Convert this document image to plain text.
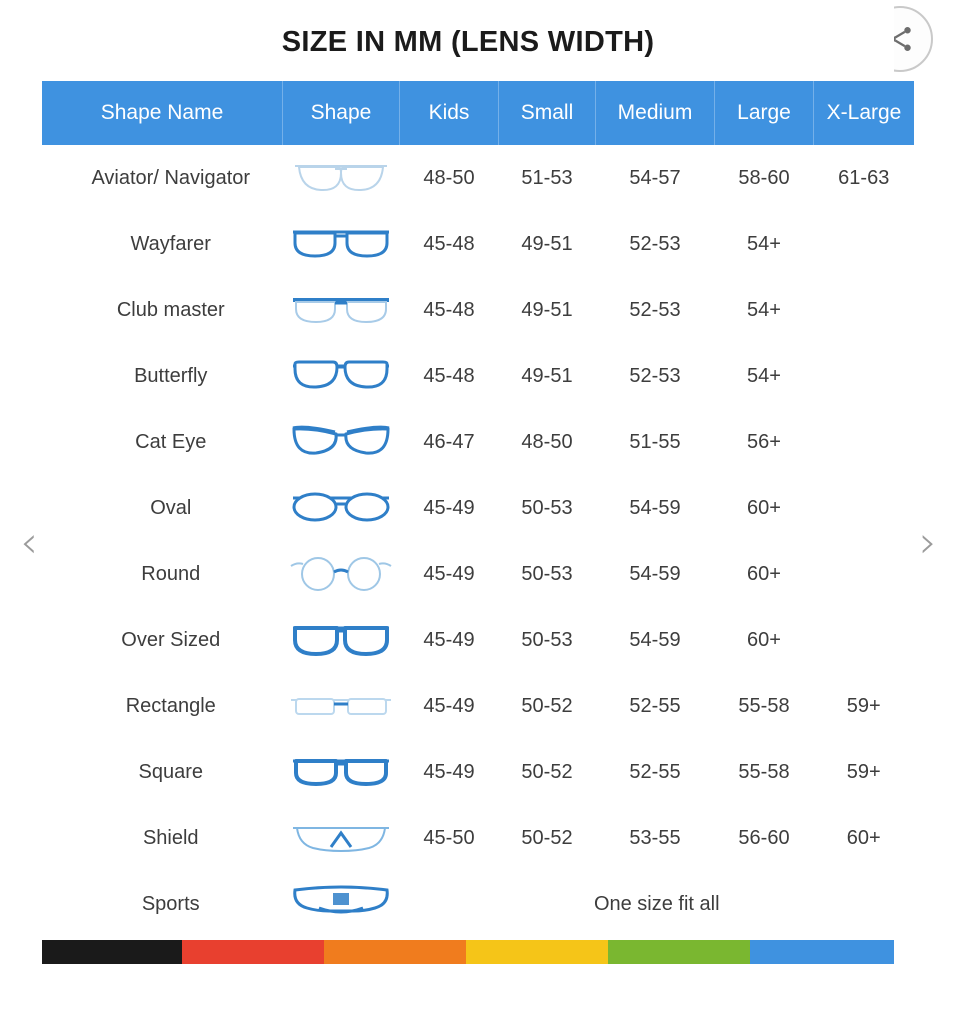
‹	›
SIZE IN MM (LENS WIDTH)
Shape Name	Shape	Kids	Small	Medium	Large	X-Large
Aviator/ Navigator		48-50	51-53	54-57	58-60	61-63
Wayfarer		45-48	49-51	52-53	54+	
Club master		45-48	49-51	52-53	54+	
Butterfly		45-48	49-51	52-53	54+	
Cat Eye		46-47	48-50	51-55	56+	
Oval		45-49	50-53	54-59	60+	
Round		45-49	50-53	54-59	60+	
Over Sized		45-49	50-53	54-59	60+	
Rectangle		45-49	50-52	52-55	55-58	59+
Square		45-49	50-52	52-55	55-58	59+
Shield		45-50	50-52	53-55	56-60	60+
Sports		One size fit all				
